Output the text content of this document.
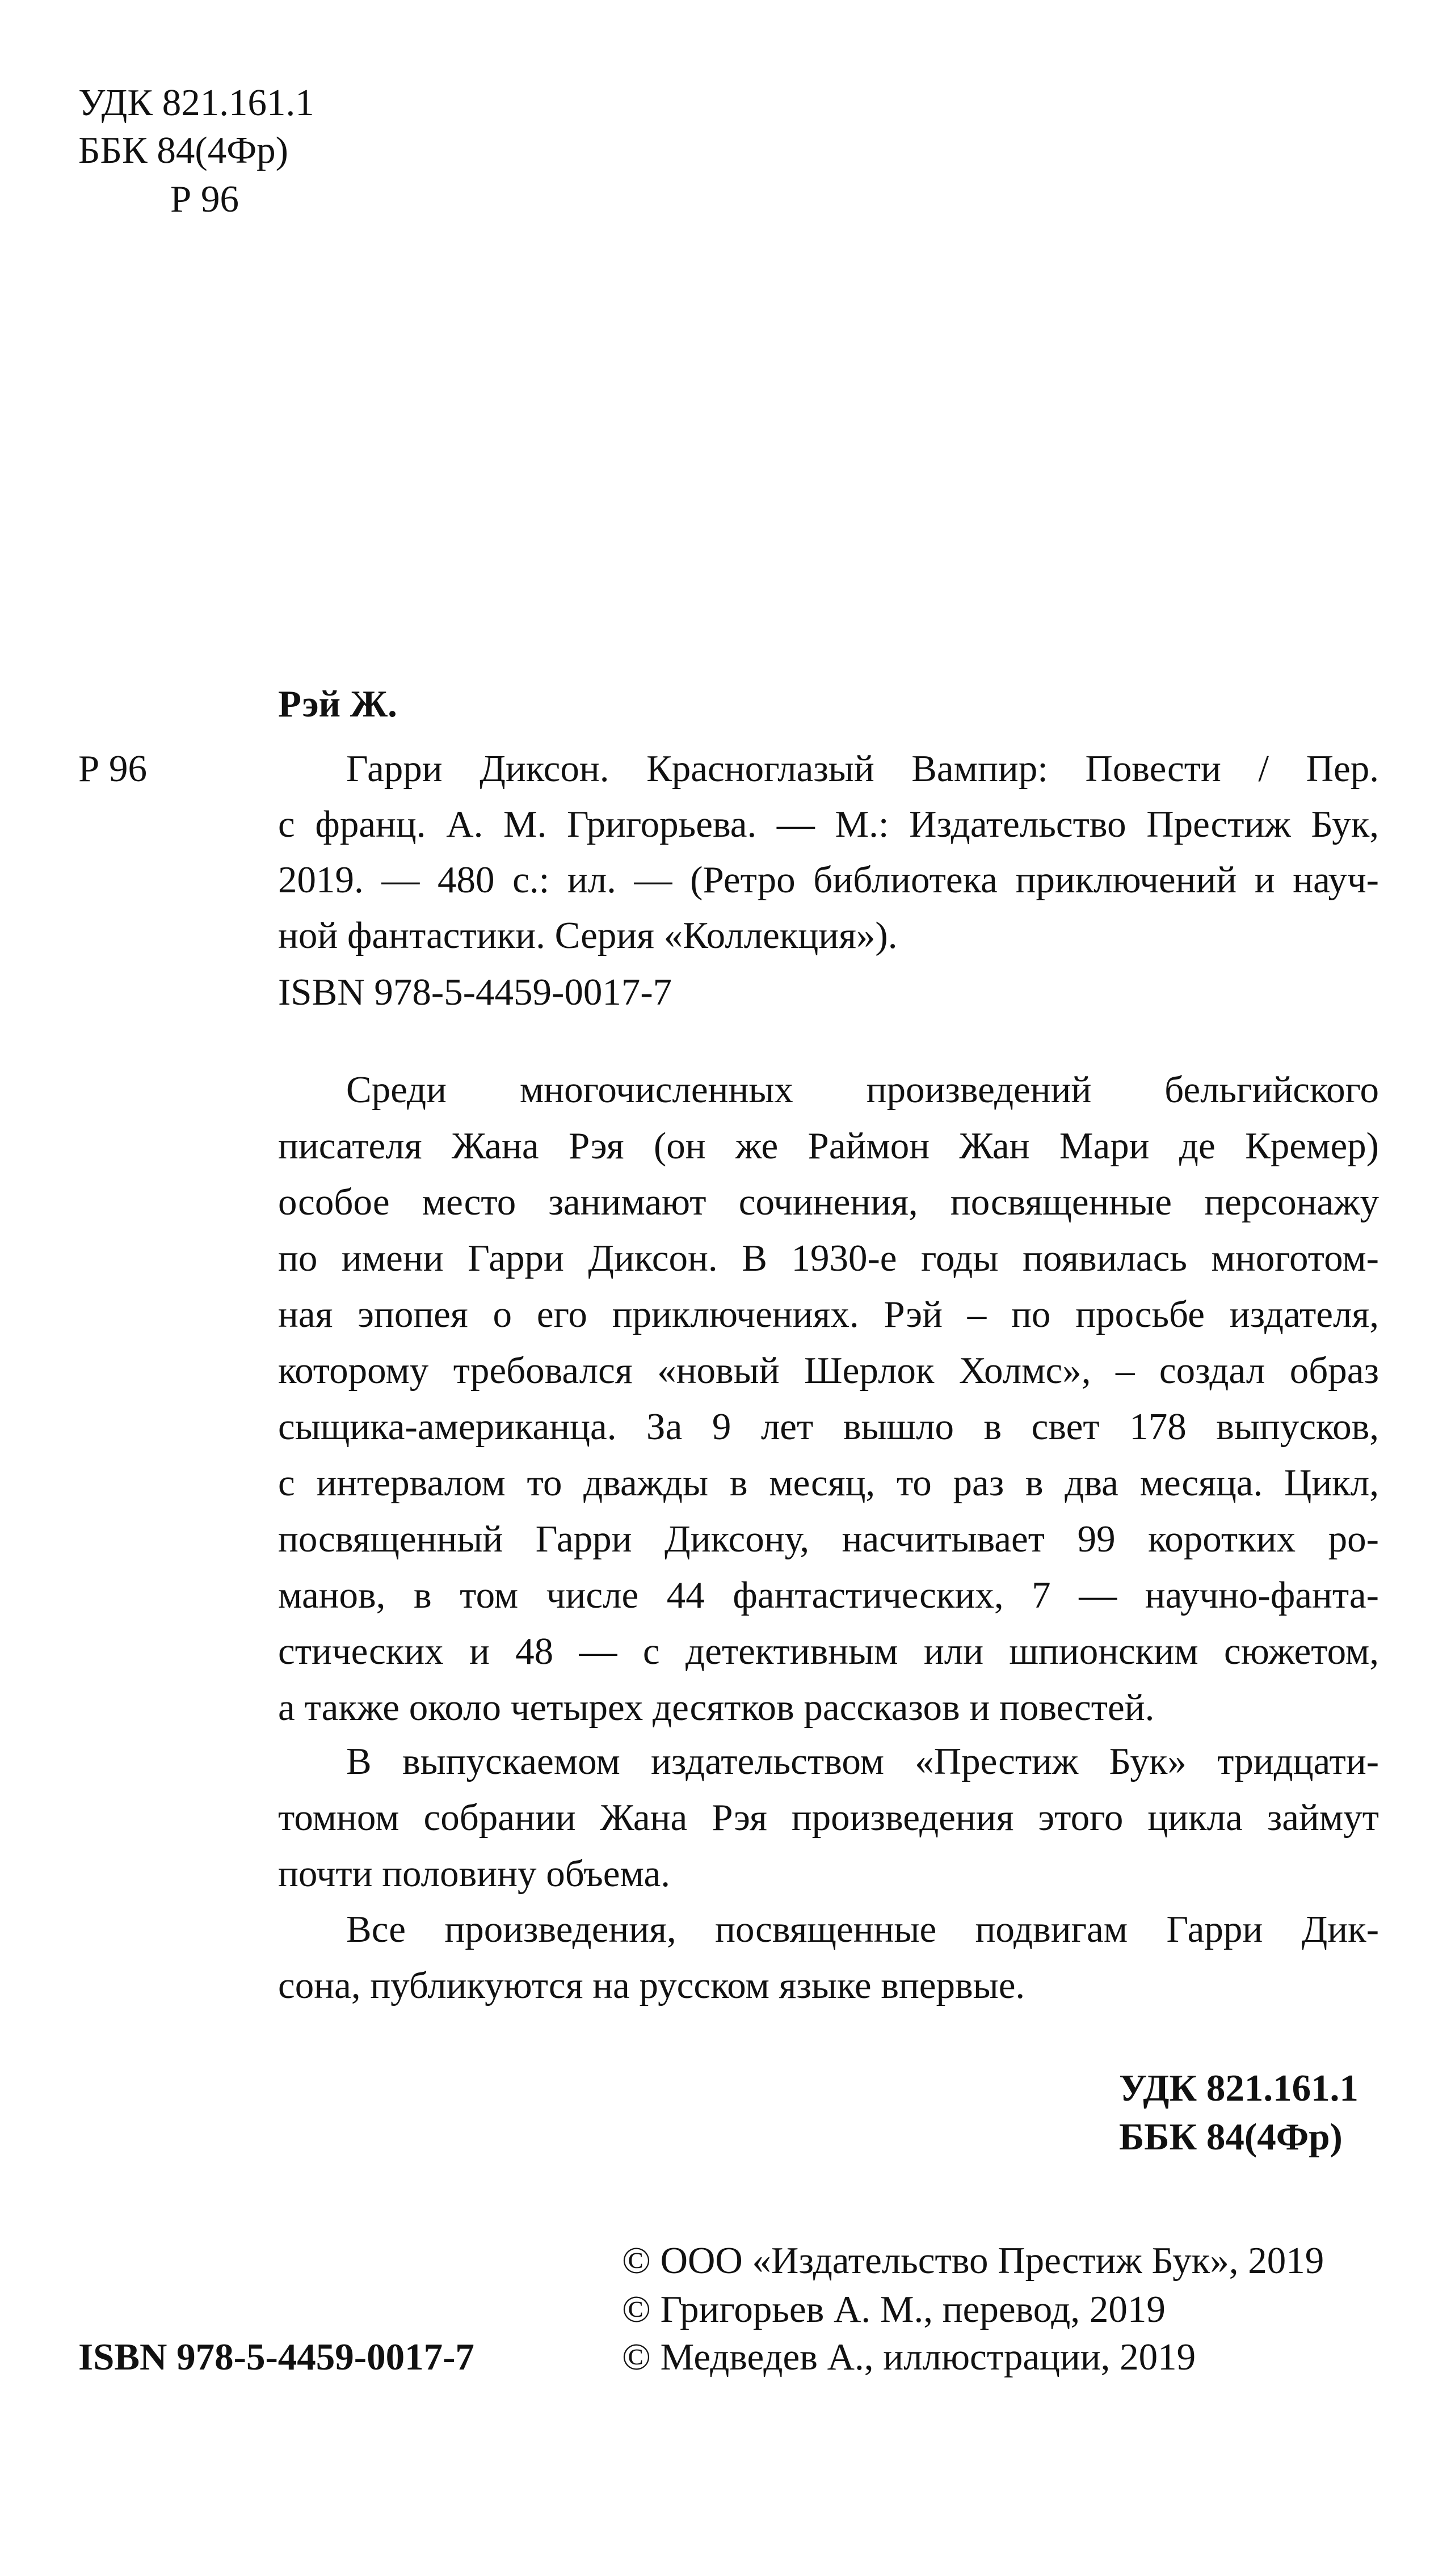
УДК 821.161.1
ББК 84(4Фр)
Р 96
Рэй Ж.
Р 96	Гарри Диксон. Красноглазый Вампир: Повести / Пер.
с франц. А. М. Григорьева. — М.: Издательство Престиж Бук,
2019. — 480 с.: ил. — (Ретро библиотека приключений и науч-
ной фантастики. Серия «Коллекция»).
ISBN 978-5-4459-0017-7
Среди многочисленных произведений бельгийского
писателя Жана Рэя (он же Раймон Жан Мари де Кремер)
особое место занимают сочинения, посвященные персонажу
по имени Гарри Диксон. В 1930-е годы появилась многотом-
ная эпопея о его приключениях. Рэй – по просьбе издателя,
которому требовался «новый Шерлок Холмс», – создал образ
сыщика-американца. За 9 лет вышло в свет 178 выпусков,
с интервалом то дважды в месяц, то раз в два месяца. Цикл,
посвященный Гарри Диксону, насчитывает 99 коротких ро-
манов, в том числе 44 фантастических, 7 — научно-фанта-
стических и 48 — с детективным или шпионским сюжетом,
а также около четырех десятков рассказов и повестей.
В выпускаемом издательством «Престиж Бук» тридцати-
томном собрании Жана Рэя произведения этого цикла займут
почти половину объема.
Все произведения, посвященные подвигам Гарри Дик-
сона, публикуются на русском языке впервые.
УДК 821.161.1
ББК 84(4Фр)
© ООО «Издательство Престиж Бук», 2019
© Григорьев А. М., перевод, 2019
ISBN 978-5-4459-0017-7	© Медведев А., иллюстрации, 2019
